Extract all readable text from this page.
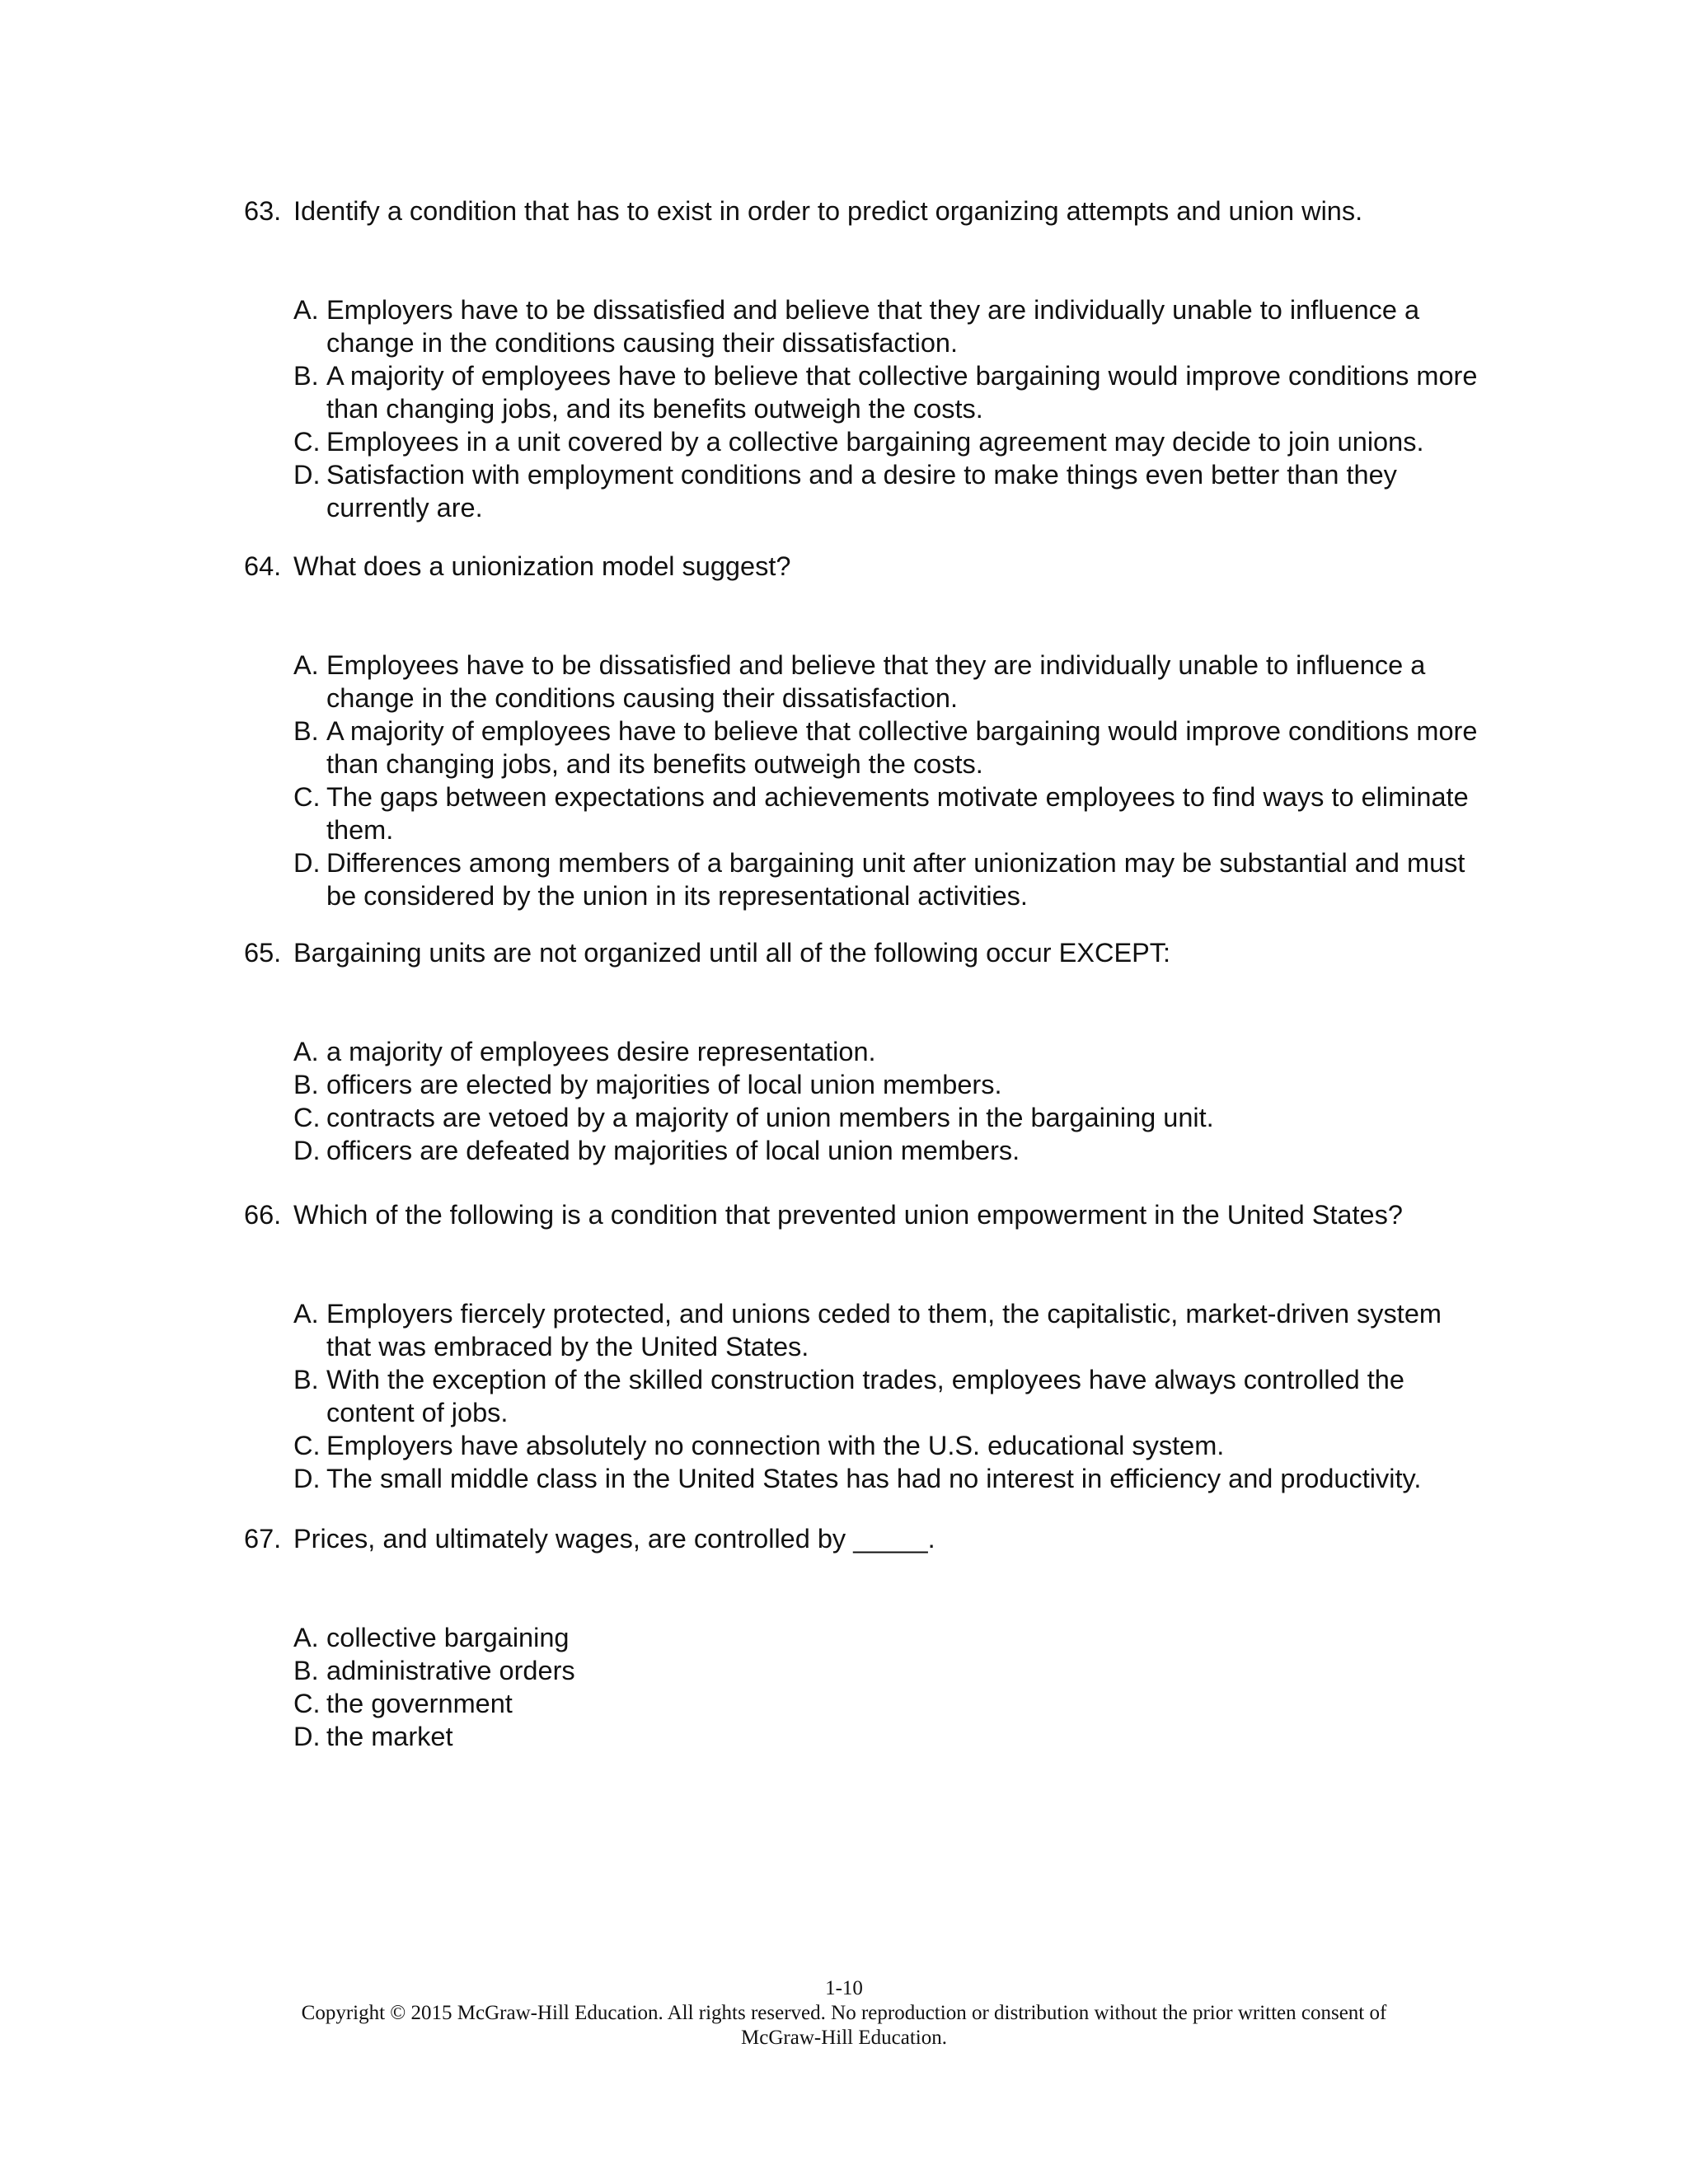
63. Identify a condition that has to exist in order to predict organizing attempts and union wins.
A. Employers have to be dissatisfied and believe that they are individually unable to influence a change in the conditions causing their dissatisfaction.
B. A majority of employees have to believe that collective bargaining would improve conditions more than changing jobs, and its benefits outweigh the costs.
C. Employees in a unit covered by a collective bargaining agreement may decide to join unions.
D. Satisfaction with employment conditions and a desire to make things even better than they currently are.
64. What does a unionization model suggest?
A. Employees have to be dissatisfied and believe that they are individually unable to influence a change in the conditions causing their dissatisfaction.
B. A majority of employees have to believe that collective bargaining would improve conditions more than changing jobs, and its benefits outweigh the costs.
C. The gaps between expectations and achievements motivate employees to find ways to eliminate them.
D. Differences among members of a bargaining unit after unionization may be substantial and must be considered by the union in its representational activities.
65. Bargaining units are not organized until all of the following occur EXCEPT:
A. a majority of employees desire representation.
B. officers are elected by majorities of local union members.
C. contracts are vetoed by a majority of union members in the bargaining unit.
D. officers are defeated by majorities of local union members.
66. Which of the following is a condition that prevented union empowerment in the United States?
A. Employers fiercely protected, and unions ceded to them, the capitalistic, market-driven system that was embraced by the United States.
B. With the exception of the skilled construction trades, employees have always controlled the content of jobs.
C. Employers have absolutely no connection with the U.S. educational system.
D. The small middle class in the United States has had no interest in efficiency and productivity.
67. Prices, and ultimately wages, are controlled by _____.
A. collective bargaining
B. administrative orders
C. the government
D. the market
1-10
Copyright © 2015 McGraw-Hill Education. All rights reserved. No reproduction or distribution without the prior written consent of McGraw-Hill Education.
